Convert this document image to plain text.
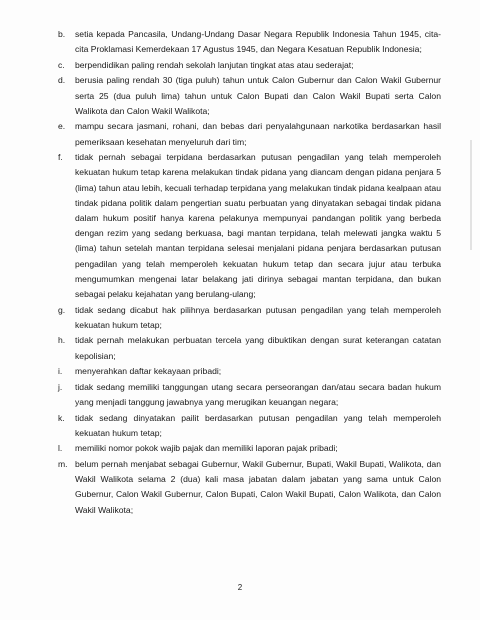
b. setia kepada Pancasila, Undang-Undang Dasar Negara Republik Indonesia Tahun 1945, cita-cita Proklamasi Kemerdekaan 17 Agustus 1945, dan Negara Kesatuan Republik Indonesia;
c. berpendidikan paling rendah sekolah lanjutan tingkat atas atau sederajat;
d. berusia paling rendah 30 (tiga puluh) tahun untuk Calon Gubernur dan Calon Wakil Gubernur serta 25 (dua puluh lima) tahun untuk Calon Bupati dan Calon Wakil Bupati serta Calon Walikota dan Calon Wakil Walikota;
e. mampu secara jasmani, rohani, dan bebas dari penyalahgunaan narkotika berdasarkan hasil pemeriksaan kesehatan menyeluruh dari tim;
f. tidak pernah sebagai terpidana berdasarkan putusan pengadilan yang telah memperoleh kekuatan hukum tetap karena melakukan tindak pidana yang diancam dengan pidana penjara 5 (lima) tahun atau lebih, kecuali terhadap terpidana yang melakukan tindak pidana kealpaan atau tindak pidana politik dalam pengertian suatu perbuatan yang dinyatakan sebagai tindak pidana dalam hukum positif hanya karena pelakunya mempunyai pandangan politik yang berbeda dengan rezim yang sedang berkuasa, bagi mantan terpidana, telah melewati jangka waktu 5 (lima) tahun setelah mantan terpidana selesai menjalani pidana penjara berdasarkan putusan pengadilan yang telah memperoleh kekuatan hukum tetap dan secara jujur atau terbuka mengumumkan mengenai latar belakang jati dirinya sebagai mantan terpidana, dan bukan sebagai pelaku kejahatan yang berulang-ulang;
g. tidak sedang dicabut hak pilihnya berdasarkan putusan pengadilan yang telah memperoleh kekuatan hukum tetap;
h. tidak pernah melakukan perbuatan tercela yang dibuktikan dengan surat keterangan catatan kepolisian;
i. menyerahkan daftar kekayaan pribadi;
j. tidak sedang memiliki tanggungan utang secara perseorangan dan/atau secara badan hukum yang menjadi tanggung jawabnya yang merugikan keuangan negara;
k. tidak sedang dinyatakan pailit berdasarkan putusan pengadilan yang telah memperoleh kekuatan hukum tetap;
l. memiliki nomor pokok wajib pajak dan memiliki laporan pajak pribadi;
m. belum pernah menjabat sebagai Gubernur, Wakil Gubernur, Bupati, Wakil Bupati, Walikota, dan Wakil Walikota selama 2 (dua) kali masa jabatan dalam jabatan yang sama untuk Calon Gubernur, Calon Wakil Gubernur, Calon Bupati, Calon Wakil Bupati, Calon Walikota, dan Calon Wakil Walikota;
2
